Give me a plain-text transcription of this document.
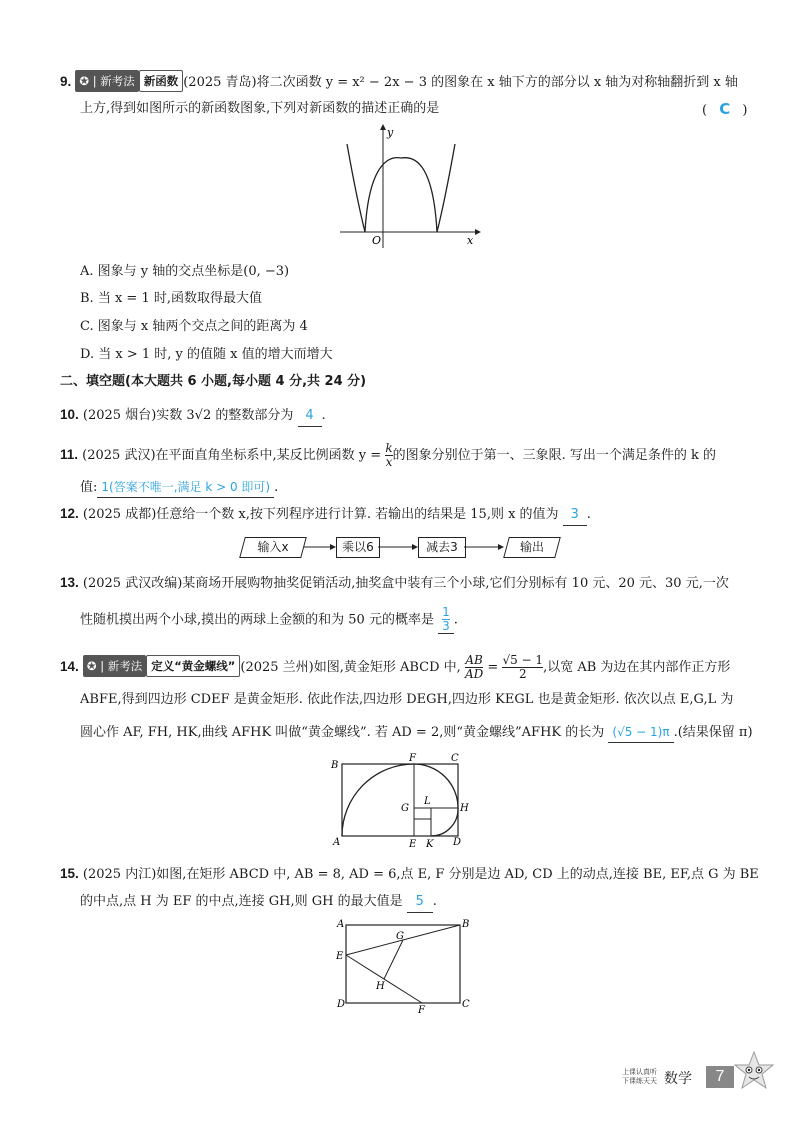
9. ✪ | 新考法 新函数 (2025 青岛)将二次函数 y = x² − 2x − 3 的图象在 x 轴下方的部分以 x 轴为对称轴翻折到 x 轴
上方,得到如图所示的新函数图象,下列对新函数的描述正确的是	( C )
y
O	x
A. 图象与 y 轴的交点坐标是(0, −3)
B. 当 x = 1 时,函数取得最大值
C. 图象与 x 轴两个交点之间的距离为 4
D. 当 x > 1 时, y 的值随 x 值的增大而增大
二、填空题(本大题共 6 小题,每小题 4 分,共 24 分)
10. (2025 烟台)实数 3√2 的整数部分为 4 .
11. (2025 武汉)在平面直角坐标系中,某反比例函数 $y = \frac{k}{x}$ 的图象分别位于第一、三象限. 写出一个满足条件的 k 的
值: 1(答案不唯一,满足 k > 0 即可) .
12. (2025 成都)任意给一个数 x,按下列程序进行计算. 若输出的结果是 15,则 x 的值为 3 .
输入x	乘以6	减去3	输出
13. (2025 武汉改编)某商场开展购物抽奖促销活动,抽奖盒中装有三个小球,它们分别标有 10 元、20 元、30 元,一次
性随机摸出两个小球,摸出的两球上金额的和为 50 元的概率是 $\frac{1}{3}$ .
14. ✪ | 新考法 定义“黄金螺线” (2025 兰州)如图,黄金矩形 ABCD 中, $\frac{AB}{AD} = \frac{√5 - 1}{2}$ ,以宽 AB 为边在其内部作正方形
ABFE,得到四边形 CDEF 是黄金矩形. 依此作法,四边形 DEGH,四边形 KEGL 也是黄金矩形. 依次以点 E,G,L 为
圆心作 AF, FH, HK,曲线 AFHK 叫做“黄金螺线”. 若 AD = 2,则“黄金螺线”AFHK 的长为 (√5 − 1)π .(结果保留 π)
B
F	C
G
L
H
A	E K D
15. (2025 内江)如图,在矩形 ABCD 中, AB = 8, AD = 6,点 E, F 分别是边 AD, CD 上的动点,连接 BE, EF,点 G 为 BE
的中点,点 H 为 EF 的中点,连接 GH,则 GH 的最大值是 5 .
A	B
G
E
H
D
F
C
上课认真听
下课练天天 数学	7
